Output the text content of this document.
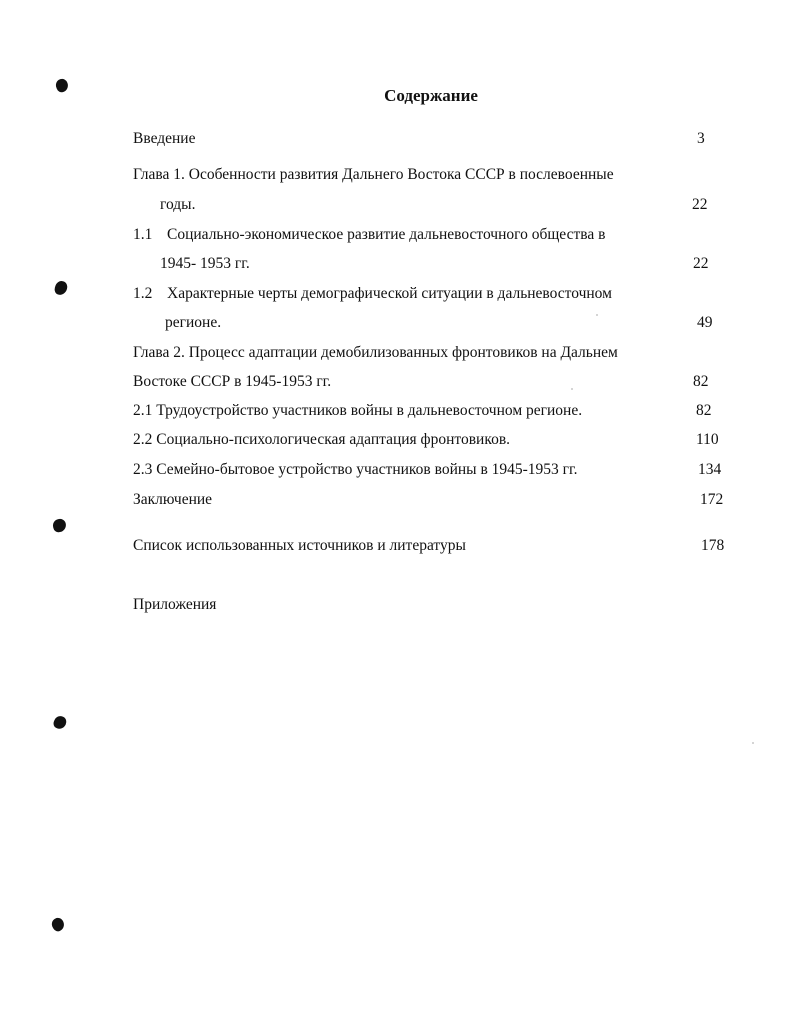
Содержание
Введение	3
Глава 1. Особенности развития Дальнего Востока СССР в послевоенные
годы.	22
1.1 Социально-экономическое развитие дальневосточного общества в
1945- 1953 гг.	22
1.2 Характерные черты демографической ситуации в дальневосточном
регионе.	49
Глава 2. Процесс адаптации демобилизованных фронтовиков на Дальнем
Востоке СССР в 1945-1953 гг.	82
2.1 Трудоустройство участников войны в дальневосточном регионе.	82
2.2 Социально-психологическая адаптация фронтовиков.	110
2.3 Семейно-бытовое устройство участников войны в 1945-1953 гг.	134
Заключение	172
Список использованных источников и литературы	178
Приложения
